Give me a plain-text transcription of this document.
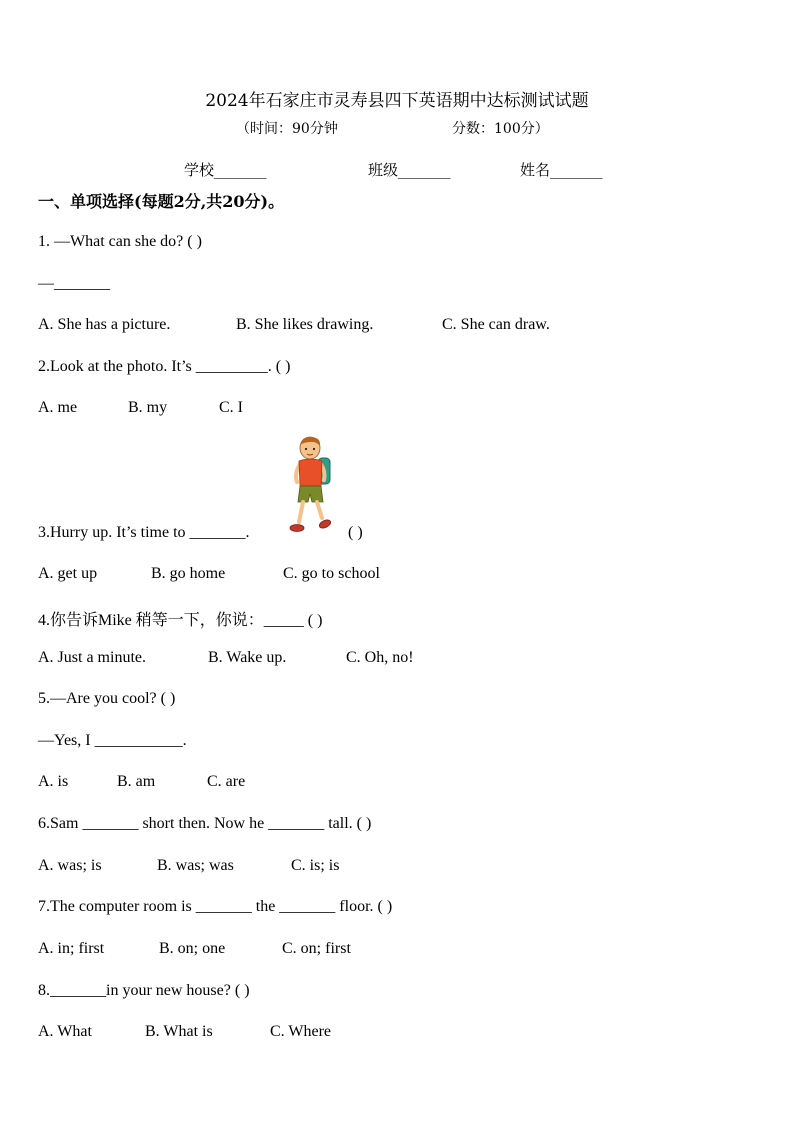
2024年石家庄市灵寿县四下英语期中达标测试试题
（时间：90分钟	分数：100分）
学校_______	班级_______	姓名_______
一、单项选择(每题2分,共20分)。
1. —What can she do? ( )
—_______
A. She has a picture.	B. She likes drawing.	C. She can draw.
2.Look at the photo. It’s _________. ( )
A. me	B. my	C. I
3.Hurry up. It’s time to _______.	( )
A. get up	B. go home	C. go to school
4.你告诉Mike 稍等一下，你说：_____ ( )
A. Just a minute.	B. Wake up.	C. Oh, no!
5.—Are you cool? ( )
—Yes, I ___________.
A. is	B. am	C. are
6.Sam _______ short then. Now he _______ tall. ( )
A. was; is	B. was; was	C. is; is
7.The computer room is _______ the _______ floor. ( )
A. in; first	B. on; one	C. on; first
8._______in your new house? ( )
A. What	B. What is	C. Where
